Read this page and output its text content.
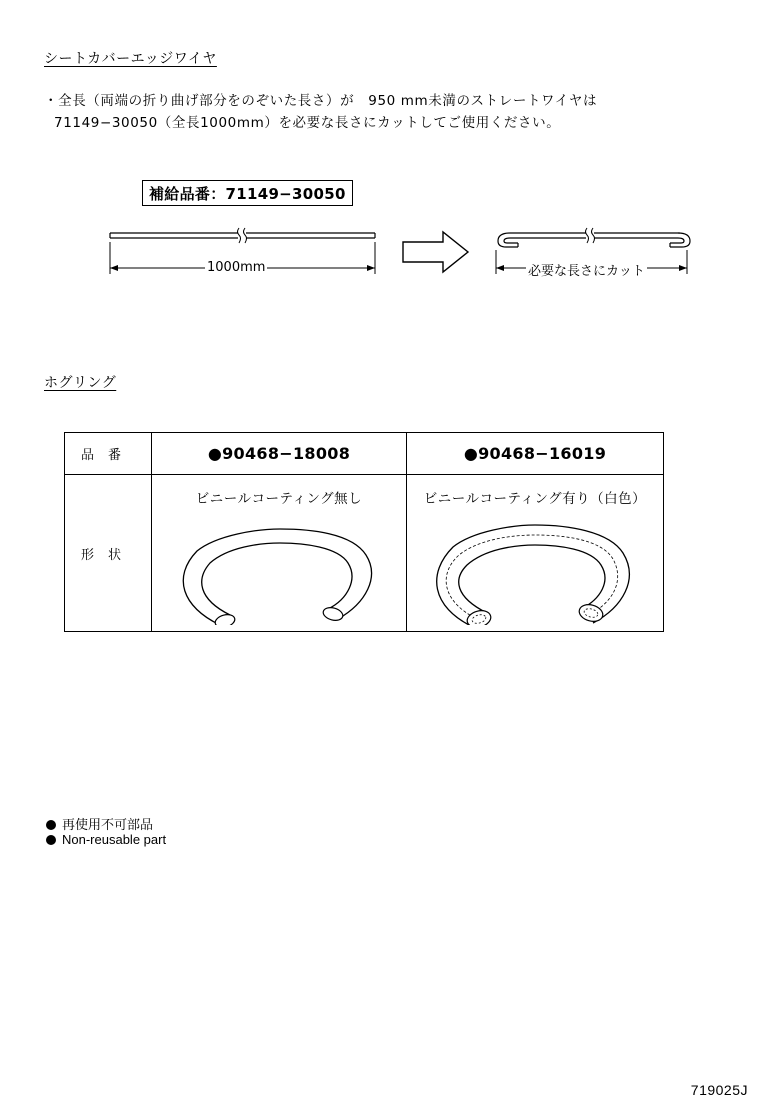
シートカバーエッジワイヤ
・全長（両端の折り曲げ部分をのぞいた長さ）が　950 mm未満のストレートワイヤは
71149−30050（全長1000mm）を必要な長さにカットしてご使用ください。
補給品番：71149−30050
1000mm	必要な長さにカット
ホグリング
品番	●90468−18008	●90468−16019
形状	ビニールコーティング無し	ビニールコーティング有り（白色）
再使用不可部品
Non-reusable part
719025J
